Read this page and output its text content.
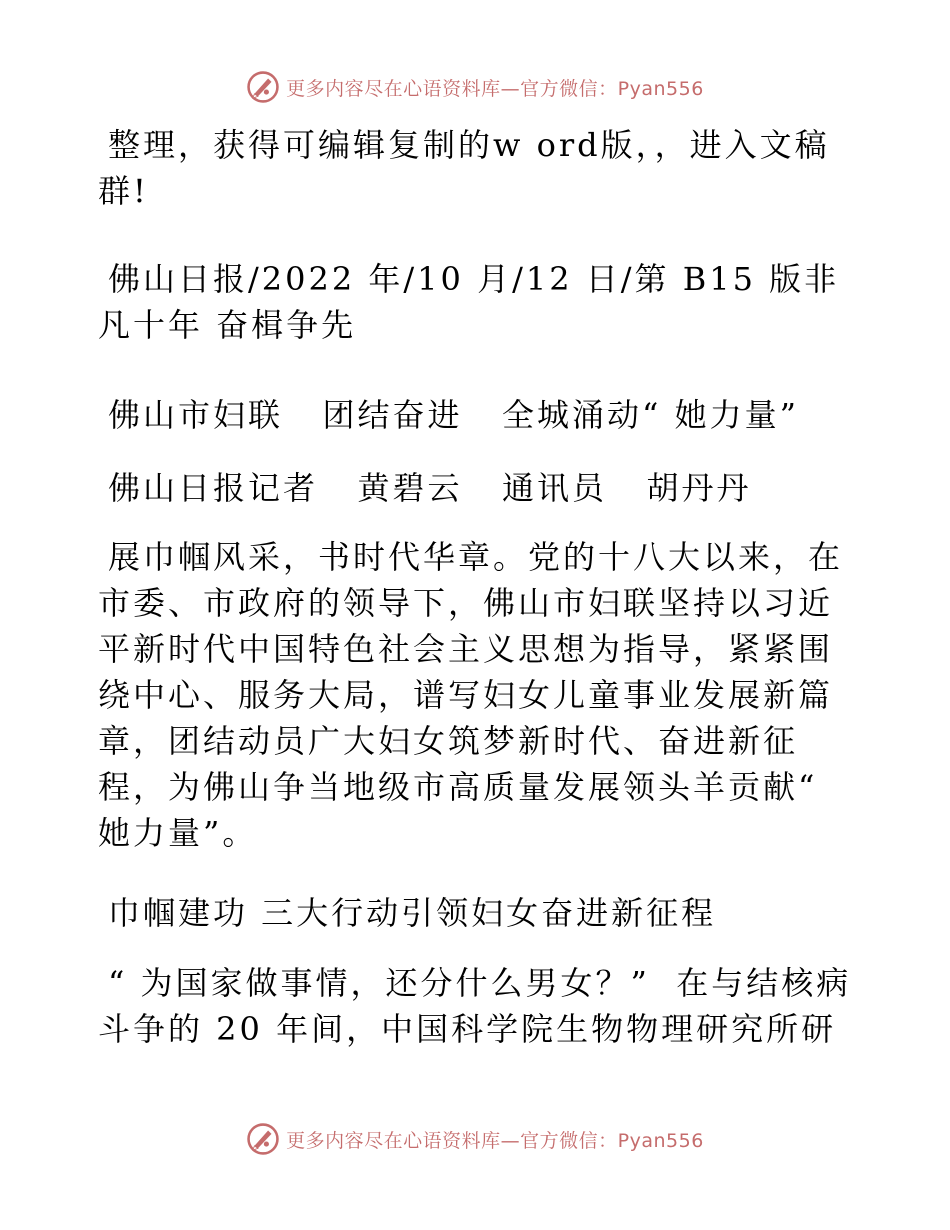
更多内容尽在心语资料库—官方微信：Pyan556

整理，获得可编辑复制的w ord版，，进入文稿群!

佛山日报/2022 年/10 月/12 日/第 B15 版非凡十年 奋楫争先

佛山市妇联   团结奋进   全城涌动“ 她力量”

佛山日报记者   黄碧云   通讯员   胡丹丹

展巾帼风采，书时代华章。党的十八大以来，在市委、市政府的领导下，佛山市妇联坚持以习近平新时代中国特色社会主义思想为指导，紧紧围绕中心、服务大局，谱写妇女儿童事业发展新篇章，团结动员广大妇女筑梦新时代、奋进新征程，为佛山争当地级市高质量发展领头羊贡献“ 她力量”。

巾帼建功 三大行动引领妇女奋进新征程

“ 为国家做事情，还分什么男女？”  在与结核病斗争的 20 年间，中国科学院生物物理研究所研

更多内容尽在心语资料库—官方微信：Pyan556
